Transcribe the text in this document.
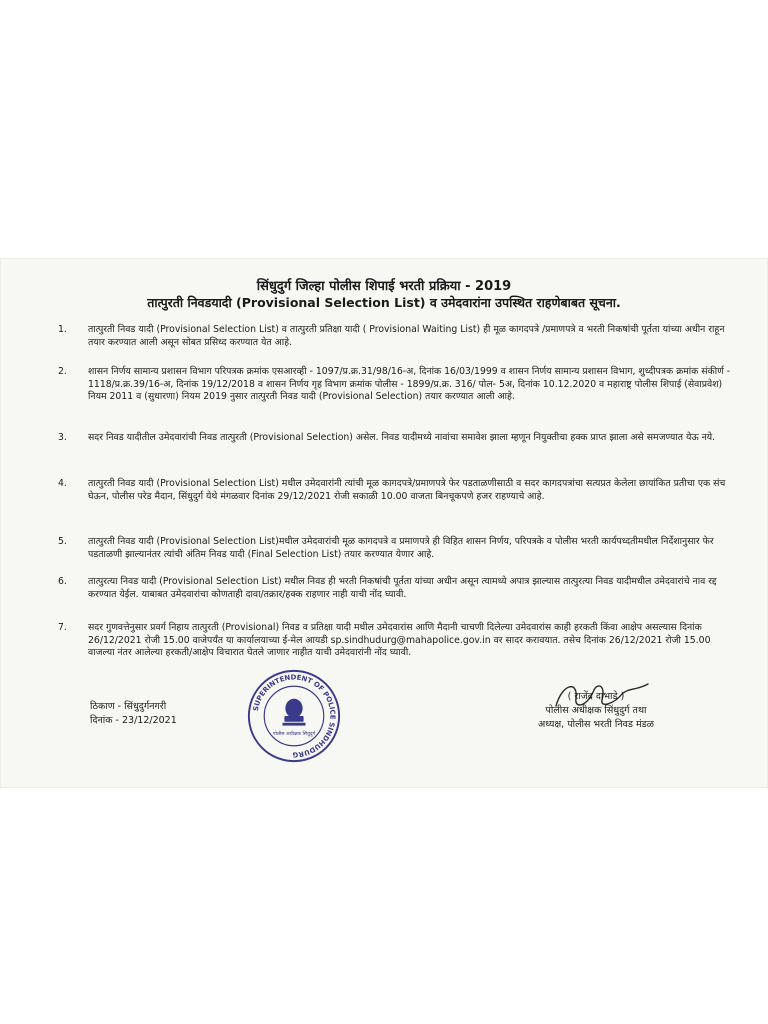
सिंधुदुर्ग जिल्हा पोलीस शिपाई भरती प्रक्रिया - 2019
तात्पुरती निवडयादी (Provisional Selection List) व उमेदवारांना उपस्थित राहणेबाबत सूचना.
1.	तात्पुरती निवड यादी (Provisional Selection List) व तात्पुरती प्रतिक्षा यादी ( Provisional Waiting List) ही मूळ कागदपत्रे /प्रमाणपत्रे व भरती निकषांची पूर्तता यांच्या अधीन राहून तयार करण्यात आली असून सोबत प्रसिध्द करण्यात येत आहे.
2.	शासन निर्णय सामान्य प्रशासन विभाग परिपत्रक क्रमांक एसआरव्ही - 1097/प्र.क्र.31/98/16-अ, दिनांक 16/03/1999 व शासन निर्णय सामान्य प्रशासन विभाग, शुध्दीपत्रक क्रमांक संकीर्ण - 1118/प्र.क्र.39/16-अ, दिनांक 19/12/2018 व शासन निर्णय गृह विभाग क्रमांक पोलीस - 1899/प्र.क्र. 316/ पोल- 5अ, दिनांक 10.12.2020 व महाराष्ट्र पोलीस शिपाई (सेवाप्रवेश) नियम 2011 व (सुधारणा) नियम 2019 नुसार तात्पुरती निवड यादी (Provisional Selection) तयार करण्यात आली आहे.
3.	सदर निवड यादीतील उमेदवारांची निवड तात्पुरती (Provisional Selection) असेल. निवड यादीमध्ये नावांचा समावेश झाला म्हणून नियुक्तीचा हक्क प्राप्त झाला असे समजण्यात येऊ नये.
4.	तात्पुरती निवड यादी (Provisional Selection List) मधील उमेदवारांनी त्यांची मूळ कागदपत्रे/प्रमाणपत्रे फेर पडताळणीसाठी व सदर कागदपत्रांचा सत्यप्रत केलेला छायांकित प्रतीचा एक संच घेऊन, पोलीस परेड मैदान, सिंधुदुर्ग येथे मंगळवार दिनांक 29/12/2021 रोजी सकाळी 10.00 वाजता बिनचूकपणे हजर राहण्याचे आहे.
5.	तात्पुरती निवड यादी (Provisional Selection List)मधील उमेदवारांची मूळ कागदपत्रे व प्रमाणपत्रे ही विहित शासन निर्णय, परिपत्रके व पोलीस भरती कार्यपध्दतीमधील निर्देशानुसार फेर पडताळणी झाल्यानंतर त्यांची अंतिम निवड यादी (Final Selection List) तयार करण्यात येणार आहे.
6.	तात्पुरत्या निवड यादी (Provisional Selection List) मधील निवड ही भरती निकषांची पूर्तता यांच्या अधीन असून त्यामध्ये अपात्र झाल्यास तात्पुरत्या निवड यादीमधील उमेदवारांचे नाव रद्द करण्यात येईल. याबाबत उमेदवारांचा कोणताही दावा/तक्रार/हक्क राहणार नाही याची नोंद घ्यावी.
7.	सदर गुणवत्तेनुसार प्रवर्ग निहाय तात्पुरती (Provisional) निवड व प्रतिक्षा यादी मधील उमेदवारांस आणि मैदानी चाचणी दिलेल्या उमेदवारांस काही हरकती किंवा आक्षेप असल्यास दिनांक 26/12/2021 रोजी 15.00 वाजेपर्यंत या कार्यालयाच्या ई-मेल आयडी sp.sindhudurg@mahapolice.gov.in वर सादर करावयात. तसेच दिनांक 26/12/2021 रोजी 15.00 वाजल्या नंतर आलेल्या हरकती/आक्षेप विचारात घेतले जाणार नाहीत याची उमेदवारांनी नोंद घ्यावी.
ठिकाण - सिंधुदुर्गनगरी
दिनांक - 23/12/2021
SUPERINTENDENT OF POLICE SINDHUDURG
पोलीस अधीक्षक सिंधुदुर्ग
( राजेंद्र दाभाडे )
पोलीस अधीक्षक सिंधुदुर्ग तथा
अध्यक्ष, पोलीस भरती निवड मंडळ
